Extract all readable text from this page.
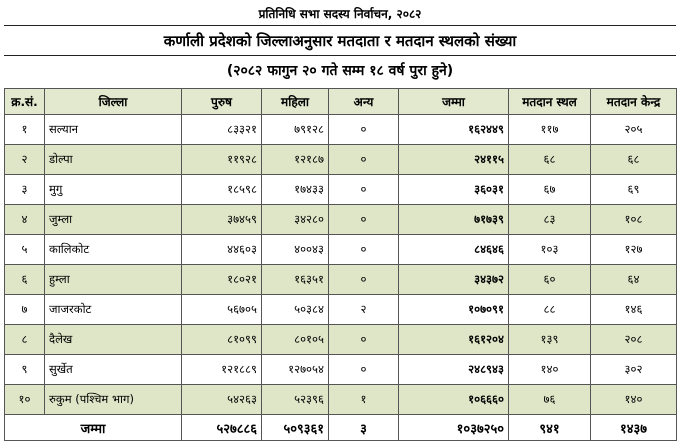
प्रतिनिधि सभा सदस्य निर्वाचन, २०८२
कर्णाली प्रदेशको जिल्लाअनुसार मतदाता र मतदान स्थलको संख्या
(२०८२ फागुन २० गते सम्म १८ वर्ष पुरा हुने)
क्र.सं.	जिल्ला	पुरुष	महिला	अन्य	जम्मा	मतदान स्थल	मतदान केन्द्र
१	सल्यान	८३३२१	७९१२८	०	१६२४४९	११७	२०५
२	डोल्पा	११९२८	१२१८७	०	२४११५	६८	६८
३	मुगु	१८५९८	१७४३३	०	३६०३१	६७	६९
४	जुम्ला	३७४५९	३४२८०	०	७१७३९	८३	१०८
५	कालिकोट	४४६०३	४००४३	०	८४६४६	१०३	१२७
६	हुम्ला	१८०२१	१६३५१	०	३४३७२	६०	६४
७	जाजरकोट	५६७०५	५०३८४	२	१०७०९१	८८	१४६
८	दैलेख	८१०९९	८०१०५	०	१६१२०४	१३९	२०८
९	सुर्खेत	१२१८८९	१२७०५४	०	२४८९४३	१४०	३०२
१०	रुकुम (पश्चिम भाग)	५४२६३	५२३९६	१	१०६६६०	७६	१४०
जम्मा		५२७८८६	५०९३६१	३	१०३७२५०	९४१	१४३७
